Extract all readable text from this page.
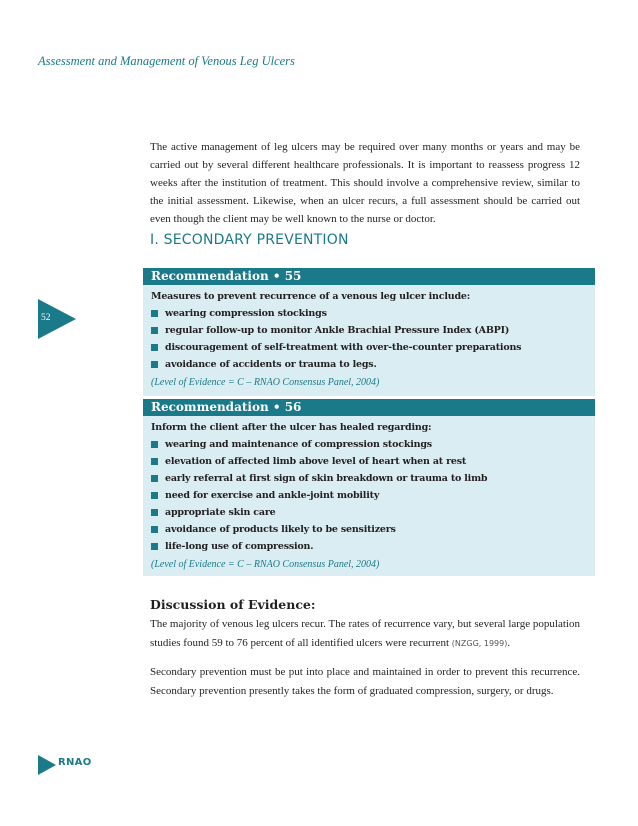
Assessment and Management of Venous Leg Ulcers

The active management of leg ulcers may be required over many months or years and may be carried out by several different healthcare professionals. It is important to reassess progress 12 weeks after the institution of treatment. This should involve a comprehensive review, similar to the initial assessment. Likewise, when an ulcer recurs, a full assessment should be carried out even though the client may be well known to the nurse or doctor.

I. SECONDARY PREVENTION
52
Recommendation • 55
Measures to prevent recurrence of a venous leg ulcer include:
wearing compression stockings
regular follow-up to monitor Ankle Brachial Pressure Index (ABPI)
discouragement of self-treatment with over-the-counter preparations
avoidance of accidents or trauma to legs.
(Level of Evidence = C – RNAO Consensus Panel, 2004)
Recommendation • 56
Inform the client after the ulcer has healed regarding:
wearing and maintenance of compression stockings
elevation of affected limb above level of heart when at rest
early referral at first sign of skin breakdown or trauma to limb
need for exercise and ankle-joint mobility
appropriate skin care
avoidance of products likely to be sensitizers
life-long use of compression.
(Level of Evidence = C – RNAO Consensus Panel, 2004)
Discussion of Evidence:

The majority of venous leg ulcers recur. The rates of recurrence vary, but several large population studies found 59 to 76 percent of all identified ulcers were recurrent (NZGG, 1999).

Secondary prevention must be put into place and maintained in order to prevent this recurrence. Secondary prevention presently takes the form of graduated compression, surgery, or drugs.

RNAO
